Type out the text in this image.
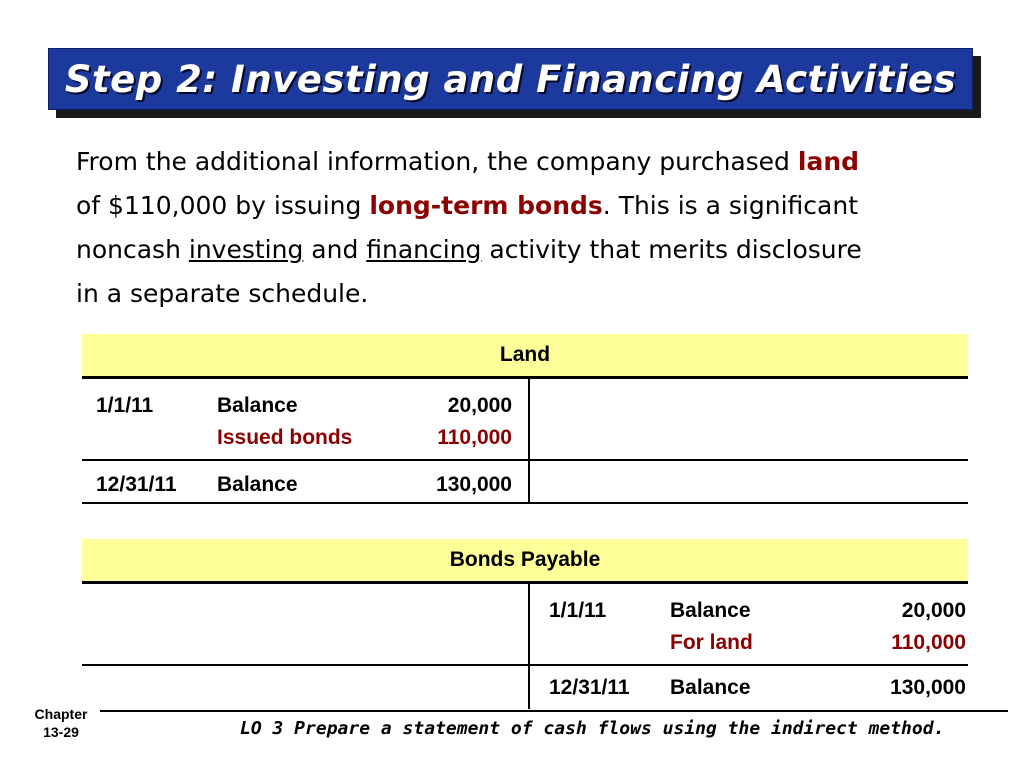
Step 2: Investing and Financing Activities
From the additional information, the company purchased land
of $110,000 by issuing long-term bonds. This is a significant
noncash investing and financing activity that merits disclosure
in a separate schedule.
Land
1/1/11	Balance	20,000
Issued bonds	110,000
12/31/11 Balance	130,000
Bonds Payable
1/1/11	Balance	20,000
For land	110,000
12/31/11 Balance	130,000
Chapter
13-29	LO 3 Prepare a statement of cash flows using the indirect method.
